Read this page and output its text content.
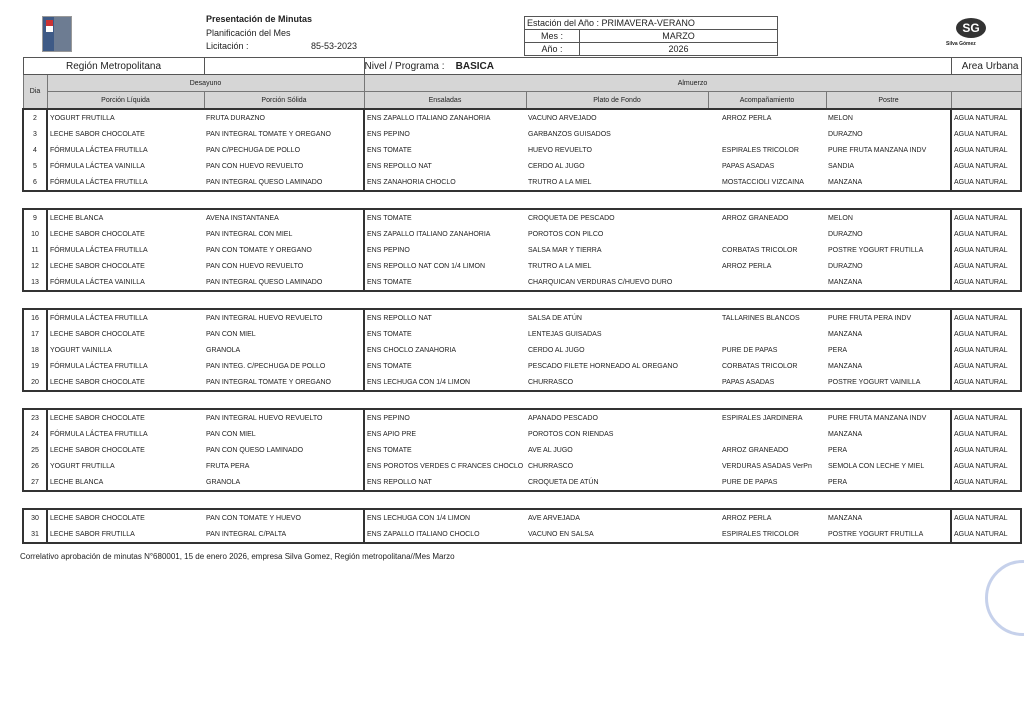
Presentación de Minutas
Planificación del Mes
Licitación :	85-53-2023
Estación del Año : PRIMAVERA-VERANO
Mes :	MARZO
Año :	2026
SG
Silva Gómez
Región Metropolitana			Nivel / Programa : BASICA				Area Urbana
Dia	Desayuno		Almuerzo				
	Porción Líquida	Porción Sólida	Ensaladas	Plato de Fondo	Acompañamiento	Postre	
2	YOGURT FRUTILLA	FRUTA DURAZNO	ENS ZAPALLO ITALIANO ZANAHORIA	VACUNO ARVEJADO	ARROZ PERLA	MELON	AGUA NATURAL
3	LECHE SABOR CHOCOLATE	PAN INTEGRAL TOMATE Y OREGANO	ENS PEPINO	GARBANZOS GUISADOS		DURAZNO	AGUA NATURAL
4	FÓRMULA LÁCTEA FRUTILLA	PAN C/PECHUGA DE POLLO	ENS TOMATE	HUEVO REVUELTO	ESPIRALES TRICOLOR	PURE FRUTA MANZANA INDV	AGUA NATURAL
5	FÓRMULA LÁCTEA VAINILLA	PAN CON HUEVO REVUELTO	ENS REPOLLO NAT	CERDO AL JUGO	PAPAS ASADAS	SANDIA	AGUA NATURAL
6	FÓRMULA LÁCTEA FRUTILLA	PAN INTEGRAL QUESO LAMINADO	ENS ZANAHORIA CHOCLO	TRUTRO A LA MIEL	MOSTACCIOLI VIZCAINA	MANZANA	AGUA NATURAL

9	LECHE BLANCA	AVENA INSTANTANEA	ENS TOMATE	CROQUETA DE PESCADO	ARROZ GRANEADO	MELON	AGUA NATURAL
10	LECHE SABOR CHOCOLATE	PAN INTEGRAL CON MIEL	ENS ZAPALLO ITALIANO ZANAHORIA	POROTOS CON PILCO		DURAZNO	AGUA NATURAL
11	FÓRMULA LÁCTEA FRUTILLA	PAN CON TOMATE Y OREGANO	ENS PEPINO	SALSA MAR Y TIERRA	CORBATAS TRICOLOR	POSTRE YOGURT FRUTILLA	AGUA NATURAL
12	LECHE SABOR CHOCOLATE	PAN CON HUEVO REVUELTO	ENS REPOLLO NAT CON 1/4 LIMON	TRUTRO A LA MIEL	ARROZ PERLA	DURAZNO	AGUA NATURAL
13	FÓRMULA LÁCTEA VAINILLA	PAN INTEGRAL QUESO LAMINADO	ENS TOMATE	CHARQUICAN VERDURAS C/HUEVO DURO		MANZANA	AGUA NATURAL

16	FÓRMULA LÁCTEA FRUTILLA	PAN INTEGRAL HUEVO REVUELTO	ENS REPOLLO NAT	SALSA DE ATÚN	TALLARINES BLANCOS	PURE FRUTA PERA INDV	AGUA NATURAL
17	LECHE SABOR CHOCOLATE	PAN CON MIEL	ENS TOMATE	LENTEJAS GUISADAS		MANZANA	AGUA NATURAL
18	YOGURT VAINILLA	GRANOLA	ENS CHOCLO ZANAHORIA	CERDO AL JUGO	PURE DE PAPAS	PERA	AGUA NATURAL
19	FÓRMULA LÁCTEA FRUTILLA	PAN INTEG. C/PECHUGA DE POLLO	ENS TOMATE	PESCADO FILETE HORNEADO AL OREGANO	CORBATAS TRICOLOR	MANZANA	AGUA NATURAL
20	LECHE SABOR CHOCOLATE	PAN INTEGRAL TOMATE Y OREGANO	ENS LECHUGA CON 1/4 LIMON	CHURRASCO	PAPAS ASADAS	POSTRE YOGURT VAINILLA	AGUA NATURAL

23	LECHE SABOR CHOCOLATE	PAN INTEGRAL HUEVO REVUELTO	ENS PEPINO	APANADO PESCADO	ESPIRALES JARDINERA	PURE FRUTA MANZANA INDV	AGUA NATURAL
24	FÓRMULA LÁCTEA FRUTILLA	PAN CON MIEL	ENS APIO PRE	POROTOS CON RIENDAS		MANZANA	AGUA NATURAL
25	LECHE SABOR CHOCOLATE	PAN CON QUESO LAMINADO	ENS TOMATE	AVE AL JUGO	ARROZ GRANEADO	PERA	AGUA NATURAL
26	YOGURT FRUTILLA	FRUTA PERA	ENS POROTOS VERDES C FRANCES CHOCLO	CHURRASCO	VERDURAS ASADAS VerPn	SEMOLA CON LECHE Y MIEL	AGUA NATURAL
27	LECHE BLANCA	GRANOLA	ENS REPOLLO NAT	CROQUETA DE ATÚN	PURE DE PAPAS	PERA	AGUA NATURAL

30	LECHE SABOR CHOCOLATE	PAN CON TOMATE Y HUEVO	ENS LECHUGA CON 1/4 LIMON	AVE ARVEJADA	ARROZ PERLA	MANZANA	AGUA NATURAL
31	LECHE SABOR FRUTILLA	PAN INTEGRAL C/PALTA	ENS ZAPALLO ITALIANO CHOCLO	VACUNO EN SALSA	ESPIRALES TRICOLOR	POSTRE YOGURT FRUTILLA	AGUA NATURAL
Correlativo aprobación de minutas N°680001, 15 de enero 2026, empresa Silva Gomez, Región metropolitana//Mes Marzo
